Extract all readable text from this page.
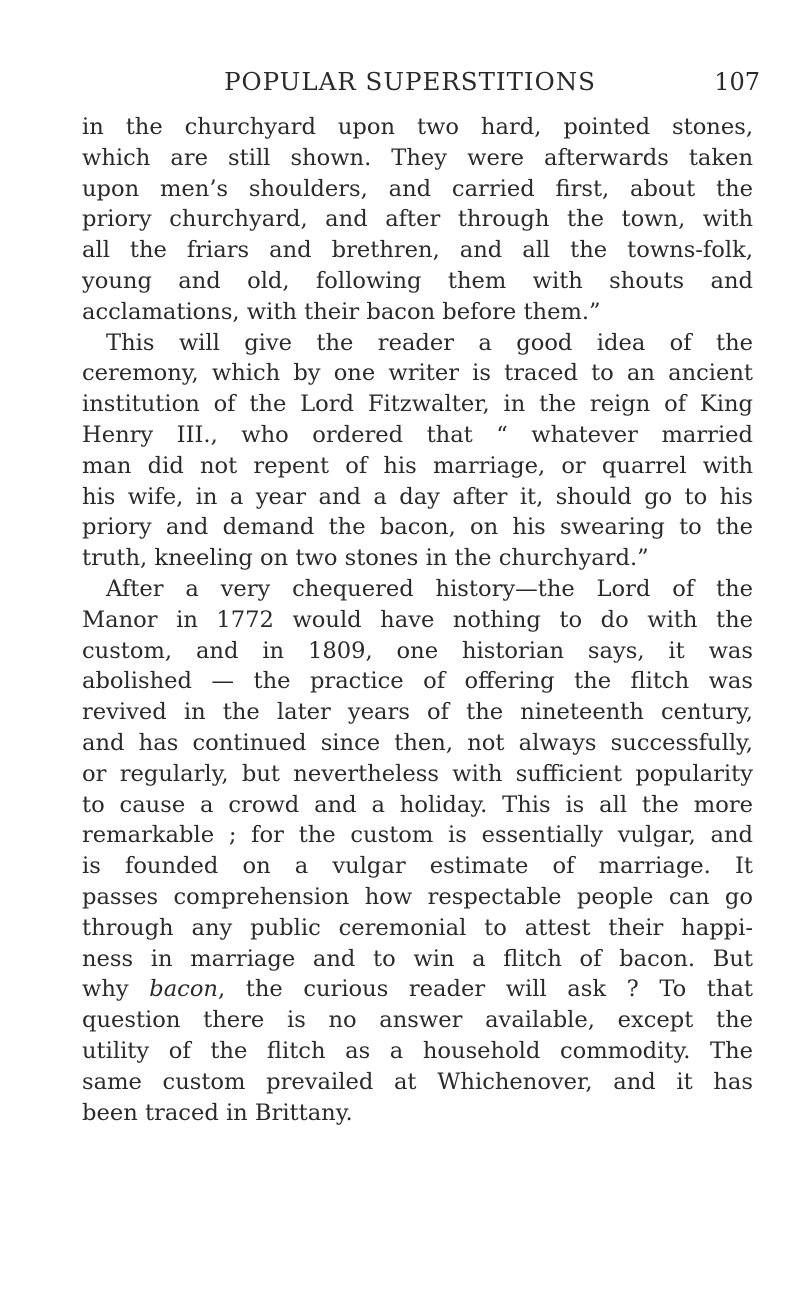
POPULAR SUPERSTITIONS	107
in the churchyard upon two hard, pointed stones,
which are still shown. They were afterwards taken
upon men’s shoulders, and carried first, about the
priory churchyard, and after through the town, with
all the friars and brethren, and all the towns-folk,
young and old, following them with shouts and
acclamations, with their bacon before them.”
This will give the reader a good idea of the
ceremony, which by one writer is traced to an ancient
institution of the Lord Fitzwalter, in the reign of King
Henry III., who ordered that “ whatever married
man did not repent of his marriage, or quarrel with
his wife, in a year and a day after it, should go to his
priory and demand the bacon, on his swearing to the
truth, kneeling on two stones in the churchyard.”
After a very chequered history—the Lord of the
Manor in 1772 would have nothing to do with the
custom, and in 1809, one historian says, it was
abolished — the practice of offering the flitch was
revived in the later years of the nineteenth century,
and has continued since then, not always successfully,
or regularly, but nevertheless with sufficient popularity
to cause a crowd and a holiday. This is all the more
remarkable ; for the custom is essentially vulgar, and
is founded on a vulgar estimate of marriage. It
passes comprehension how respectable people can go
through any public ceremonial to attest their happi-
ness in marriage and to win a flitch of bacon. But
why bacon, the curious reader will ask ? To that
question there is no answer available, except the
utility of the flitch as a household commodity. The
same custom prevailed at Whichenover, and it has
been traced in Brittany.
